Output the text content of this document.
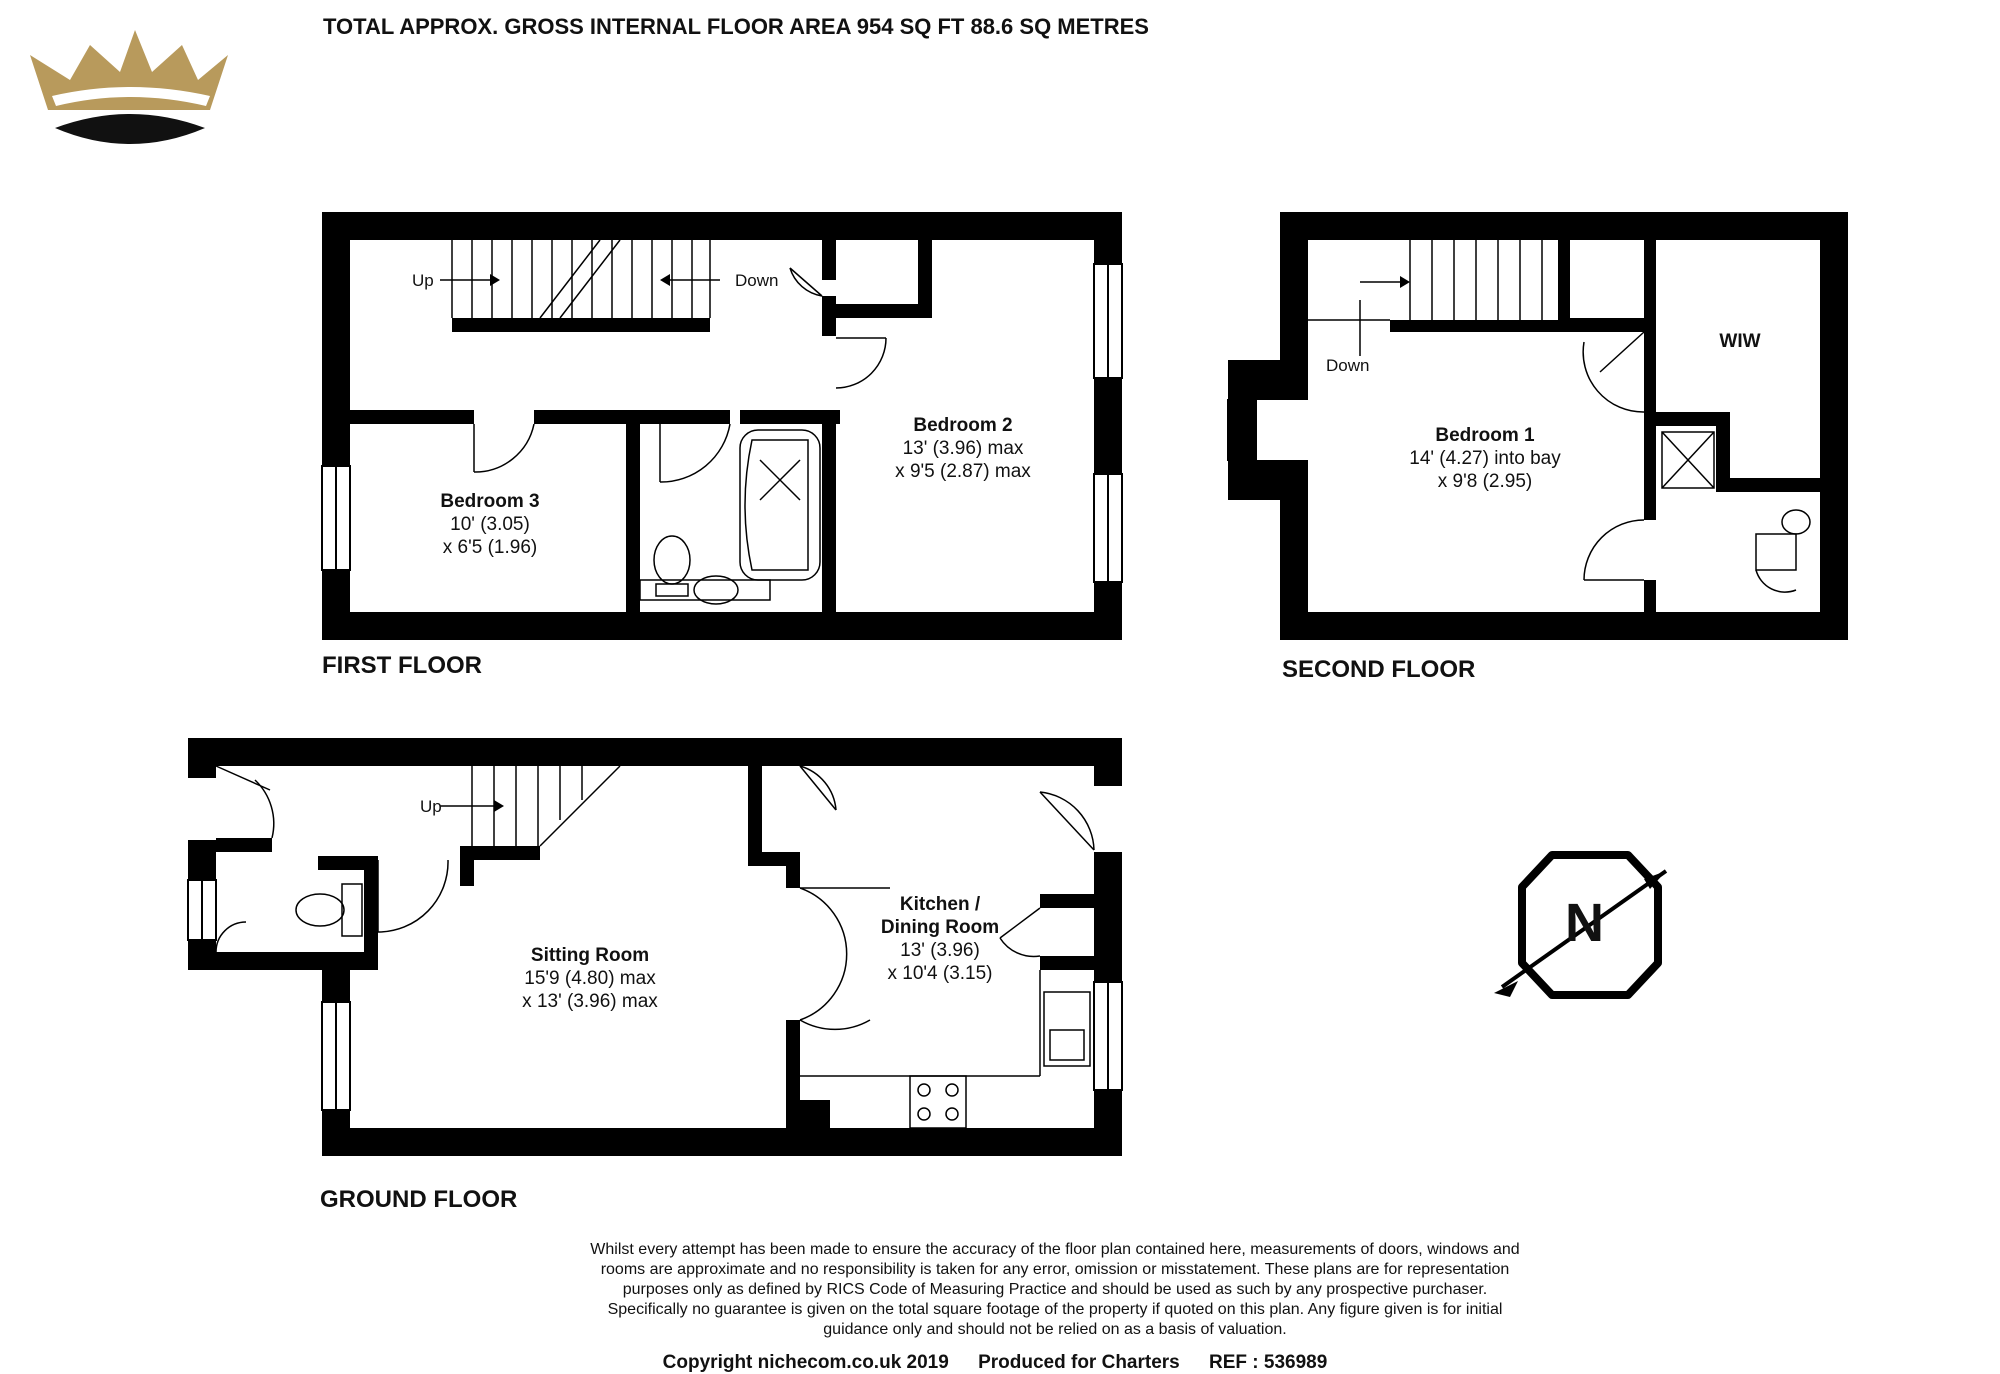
TOTAL APPROX. GROSS INTERNAL FLOOR AREA 954 SQ FT 88.6 SQ METRES
Up	Down
Bedroom 2
13' (3.96) max
x 9'5 (2.87) max
Bedroom 3
10' (3.05)
x 6'5 (1.96)
FIRST FLOOR
Down
WIW
Bedroom 1
14' (4.27) into bay
x 9'8 (2.95)
SECOND FLOOR
Up
Sitting Room
15'9 (4.80) max
x 13' (3.96) max
Kitchen /
Dining Room
13' (3.96)
x 10'4 (3.15)
GROUND FLOOR
N
Whilst every attempt has been made to ensure the accuracy of the floor plan contained here, measurements of doors, windows and
rooms are approximate and no responsibility is taken for any error, omission or misstatement. These plans are for representation
purposes only as defined by RICS Code of Measuring Practice and should be used as such by any prospective purchaser.
Specifically no guarantee is given on the total square footage of the property if quoted on this plan. Any figure given is for initial
guidance only and should not be relied on as a basis of valuation.
Copyright nichecom.co.uk 2019 Produced for Charters REF : 536989
